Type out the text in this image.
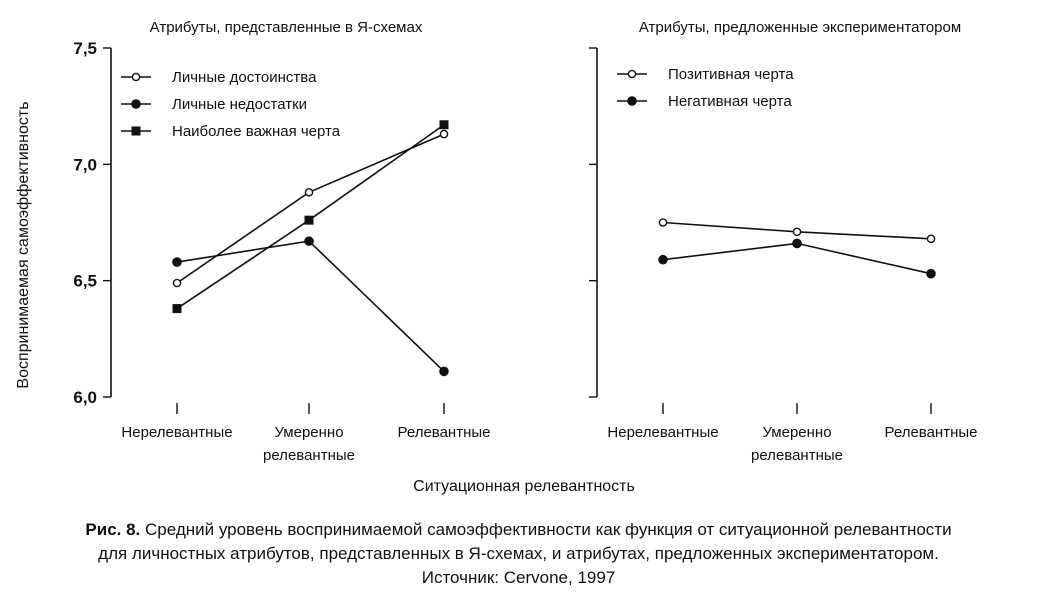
Атрибуты, представленные в Я-схемах
Воспринимаемая самоэффективность
6,0
6,5
7,0
7,5
Нерелевантные	Умеренно релевантные
Релевантные
Личные достоинства
Личные недостатки
Наиболее важная черта
Атрибуты, предложенные экспериментатором
Нерелевантные	Умеренно релевантные
Релевантные
Позитивная черта
Негативная черта
Ситуационная релевантность
Рис. 8. Средний уровень воспринимаемой самоэффективности как функция от ситуационной релевантности
для личностных атрибутов, представленных в Я-схемах, и атрибутах, предложенных экспериментатором.
Источник: Cervone, 1997
